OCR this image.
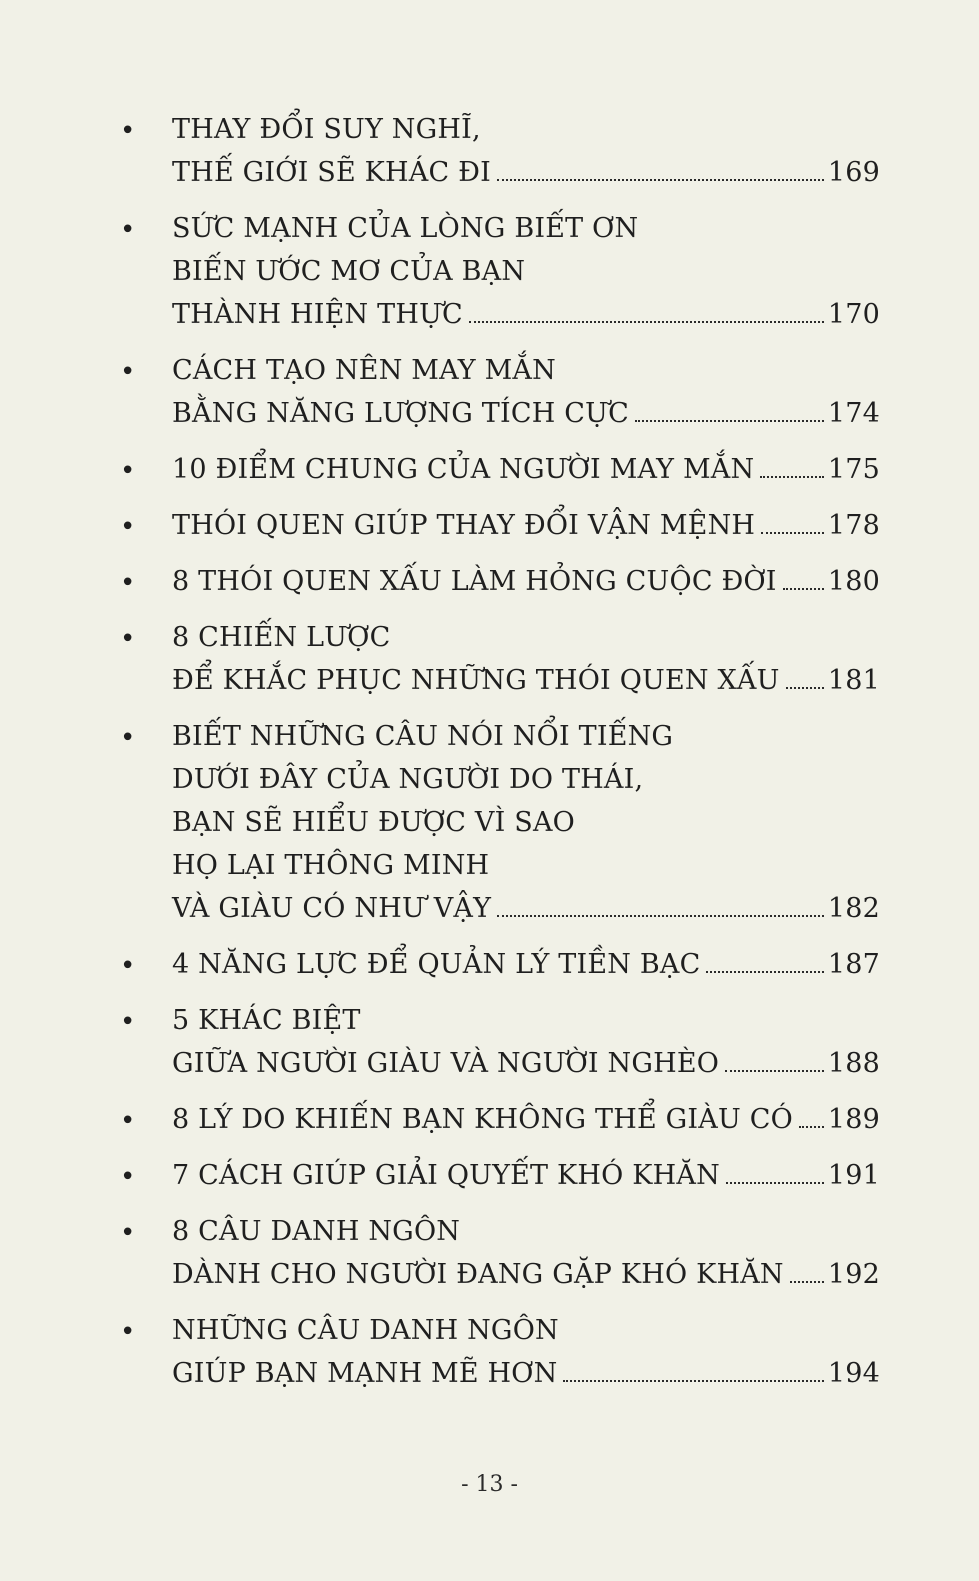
• THAY ĐỔI SUY NGHĨ,
THẾ GIỚI SẼ KHÁC ĐI	169
• SỨC MẠNH CỦA LÒNG BIẾT ƠN
BIẾN ƯỚC MƠ CỦA BẠN
THÀNH HIỆN THỰC	170
• CÁCH TẠO NÊN MAY MẮN
BẰNG NĂNG LƯỢNG TÍCH CỰC	174
• 10 ĐIỂM CHUNG CỦA NGƯỜI MAY MẮN	175
• THÓI QUEN GIÚP THAY ĐỔI VẬN MỆNH	178
• 8 THÓI QUEN XẤU LÀM HỎNG CUỘC ĐỜI 180
• 8 CHIẾN LƯỢC
ĐỂ KHẮC PHỤC NHỮNG THÓI QUEN XẤU 181
• BIẾT NHỮNG CÂU NÓI NỔI TIẾNG
DƯỚI ĐÂY CỦA NGƯỜI DO THÁI,
BẠN SẼ HIỂU ĐƯỢC VÌ SAO
HỌ LẠI THÔNG MINH
VÀ GIÀU CÓ NHƯ VẬY	182
• 4 NĂNG LỰC ĐỂ QUẢN LÝ TIỀN BẠC	187
• 5 KHÁC BIỆT
GIỮA NGƯỜI GIÀU VÀ NGƯỜI NGHÈO	188
• 8 LÝ DO KHIẾN BẠN KHÔNG THỂ GIÀU CÓ 189
• 7 CÁCH GIÚP GIẢI QUYẾT KHÓ KHĂN	191
• 8 CÂU DANH NGÔN
DÀNH CHO NGƯỜI ĐANG GẶP KHÓ KHĂN 192
• NHỮNG CÂU DANH NGÔN
GIÚP BẠN MẠNH MẼ HƠN	194
- 13 -
